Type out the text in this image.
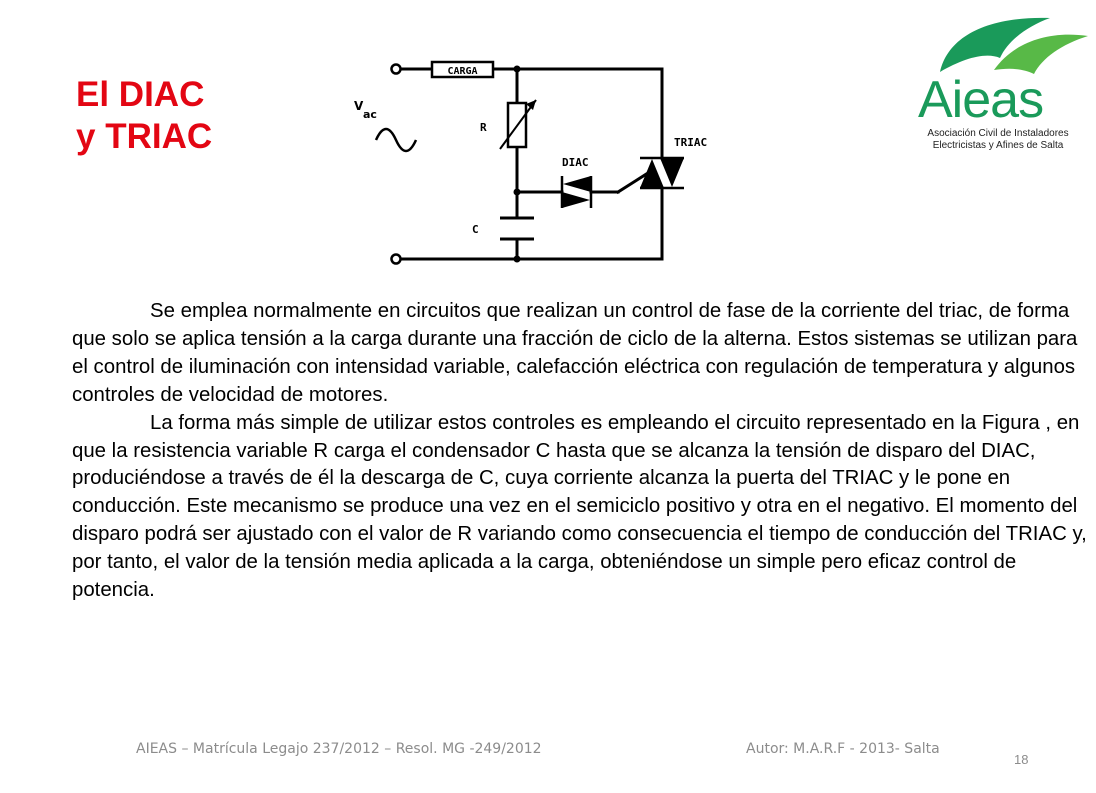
El DIAC
y TRIAC
CARGA
V
ac
R
C
DIAC
TRIAC
Aieas
Asociación Civil de Instaladores
Electricistas y Afines de Salta

Se emplea normalmente en circuitos que realizan un control de fase de la corriente del triac, de forma que solo se aplica tensión a la carga durante una fracción de ciclo de la alterna. Estos sistemas se utilizan para el control de iluminación con intensidad variable, calefacción eléctrica con regulación de temperatura y algunos controles de velocidad de motores.

La forma más simple de utilizar estos controles es empleando el circuito representado en la Figura , en que la resistencia variable R carga el condensador C hasta que se alcanza la tensión de disparo del DIAC, produciéndose a través de él la descarga de C, cuya corriente alcanza la puerta del TRIAC y le pone en conducción. Este mecanismo se produce una vez en el semiciclo positivo y otra en el negativo. El momento del disparo podrá ser ajustado con el valor de R variando como consecuencia el tiempo de conducción del TRIAC y, por tanto, el valor de la tensión media aplicada a la carga, obteniéndose un simple pero eficaz control de potencia.

AIEAS – Matrícula Legajo 237/2012 – Resol. MG -249/2012	Autor: M.A.R.F - 2013- Salta
18
